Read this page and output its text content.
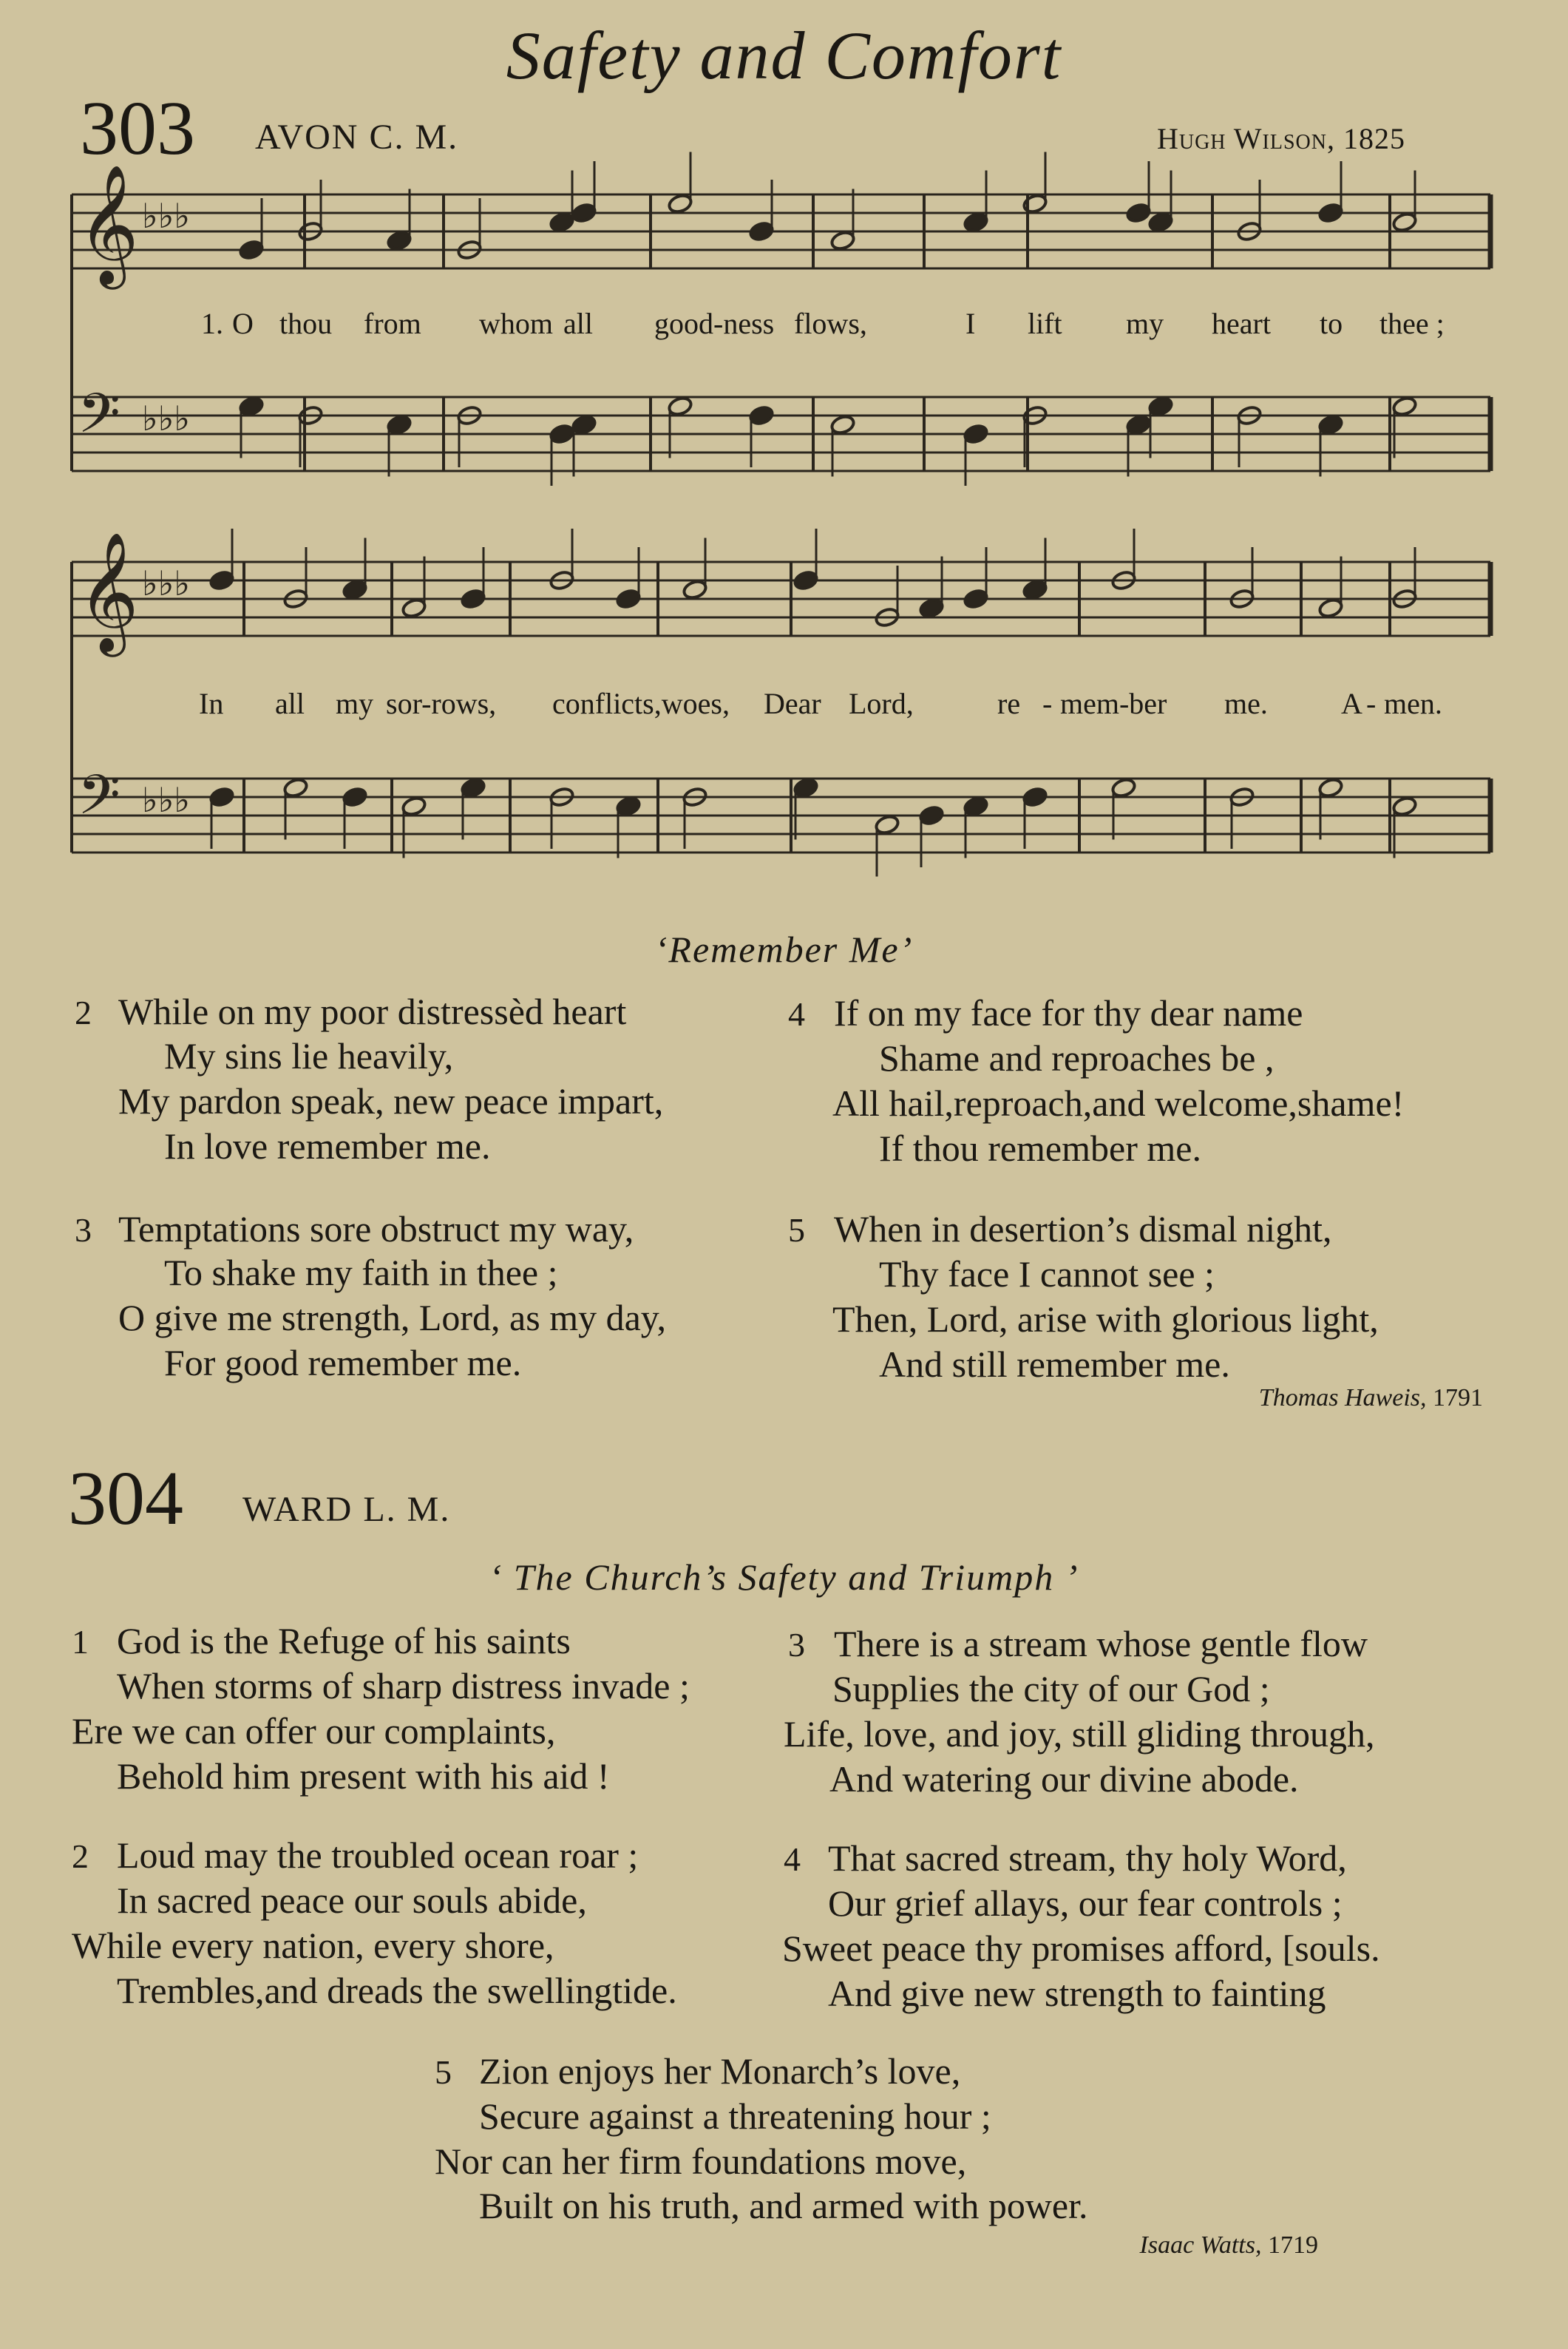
Safety and Comfort
303 AVON C. M.	Hugh Wilson, 1825
𝄞 ♭♭♭
𝄢 ♭♭♭
𝄞 ♭♭♭
𝄢 ♭♭♭
1. O thou from whom all good-ness flows,	I lift my heart to thee ;
In all my sor-rows, conflicts,woes, Dear Lord,	re - mem-ber me. A - men.
‘Remember Me’
2 While on my poor distressèd heart
My sins lie heavily,
My pardon speak, new peace impart,
In love remember me.
3 Temptations sore obstruct my way,
To shake my faith in thee ;
O give me strength, Lord, as my day,
For good remember me.
4 If on my face for thy dear name
Shame and reproaches be ,
All hail,reproach,and welcome,shame!
If thou remember me.
5 When in desertion’s dismal night,
Thy face I cannot see ;
Then, Lord, arise with glorious light,
And still remember me.
Thomas Haweis, 1791
304 WARD L. M.
‘ The Church’s Safety and Triumph ’
1 God is the Refuge of his saints
When storms of sharp distress invade ;
Ere we can offer our complaints,
Behold him present with his aid !
2 Loud may the troubled ocean roar ;
In sacred peace our souls abide,
While every nation, every shore,
Trembles,and dreads the swellingtide.
3 There is a stream whose gentle flow
Supplies the city of our God ;
Life, love, and joy, still gliding through,
And watering our divine abode.
4 That sacred stream, thy holy Word,
Our grief allays, our fear controls ;
Sweet peace thy promises afford, [souls.
And give new strength to fainting
5 Zion enjoys her Monarch’s love,
Secure against a threatening hour ;
Nor can her firm foundations move,
Built on his truth, and armed with power.
Isaac Watts, 1719
